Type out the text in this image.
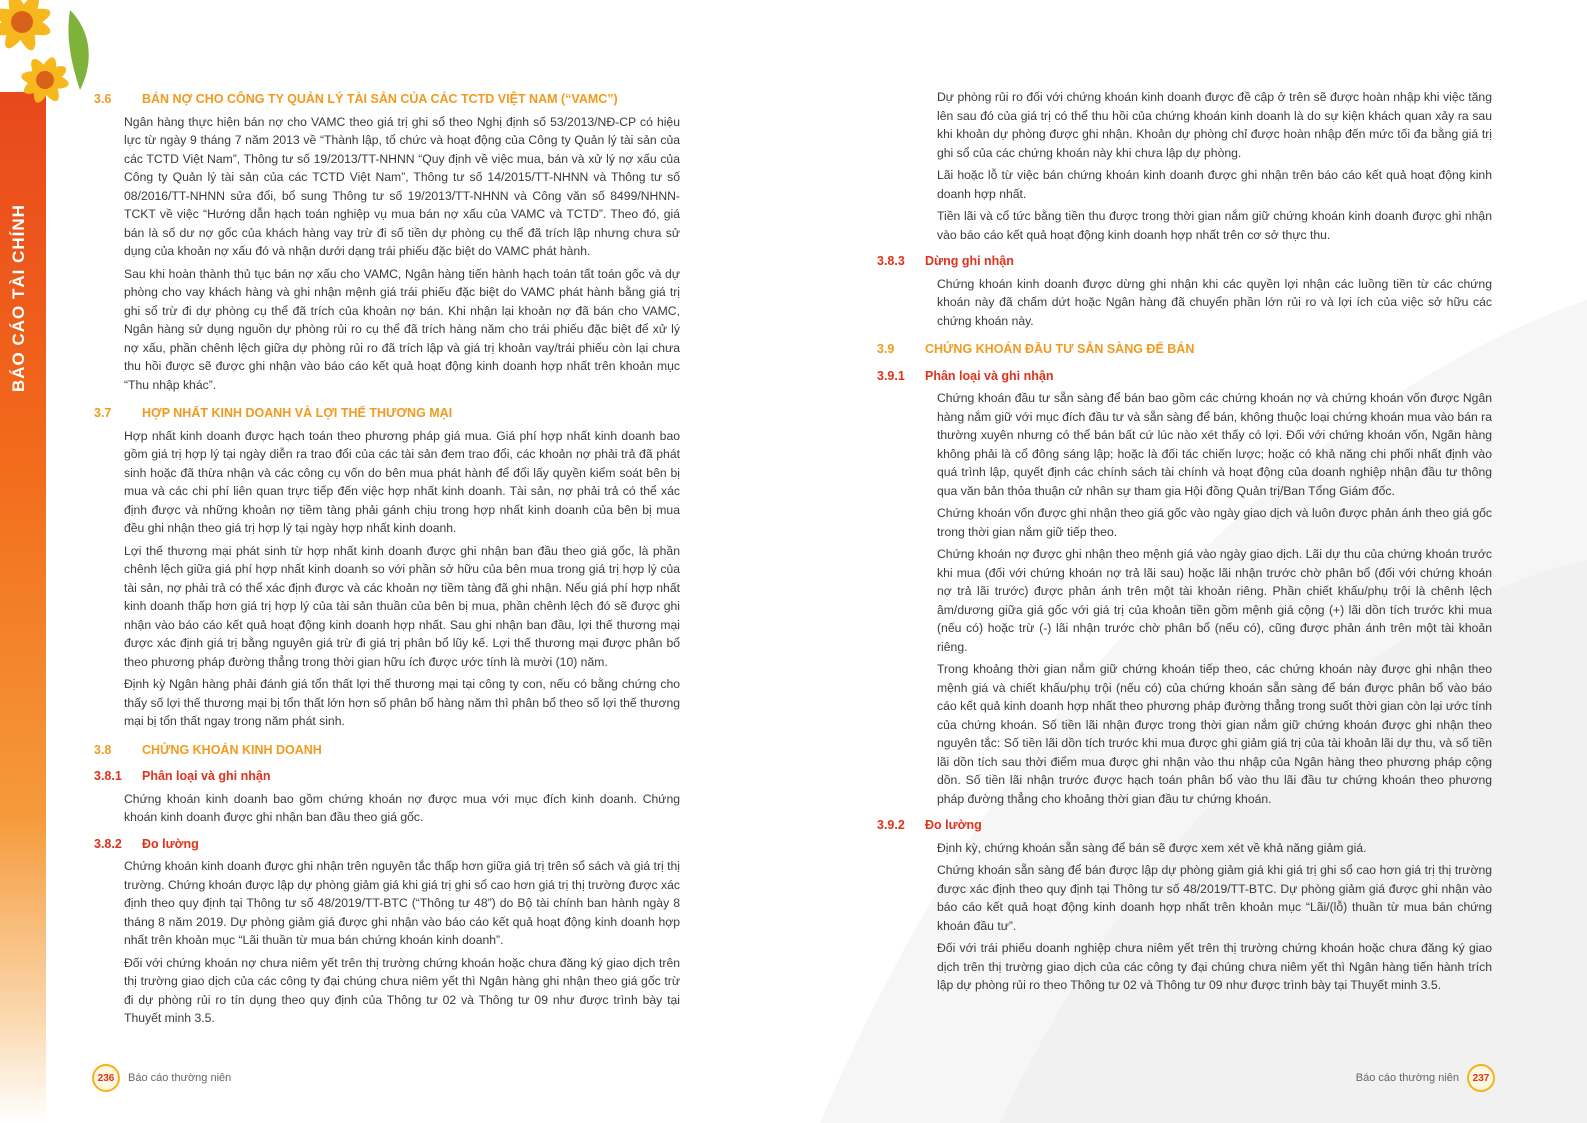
BÁO CÁO TÀI CHÍNH
3.6	BÁN NỢ CHO CÔNG TY QUẢN LÝ TÀI SẢN CỦA CÁC TCTD VIỆT NAM (“VAMC”)

Ngân hàng thực hiện bán nợ cho VAMC theo giá trị ghi sổ theo Nghị định số 53/2013/NĐ-CP có hiệu lực từ ngày 9 tháng 7 năm 2013 về “Thành lập, tổ chức và hoạt động của Công ty Quản lý tài sản của các TCTD Việt Nam”, Thông tư số 19/2013/TT-NHNN “Quy định về việc mua, bán và xử lý nợ xấu của Công ty Quản lý tài sản của các TCTD Việt Nam”, Thông tư số 14/2015/TT-NHNN và Thông tư số 08/2016/TT-NHNN sửa đổi, bổ sung Thông tư số 19/2013/TT-NHNN và Công văn số 8499/NHNN-TCKT về việc “Hướng dẫn hạch toán nghiệp vụ mua bán nợ xấu của VAMC và TCTD”. Theo đó, giá bán là số dư nợ gốc của khách hàng vay trừ đi số tiền dự phòng cụ thể đã trích lập nhưng chưa sử dụng của khoản nợ xấu đó và nhận dưới dạng trái phiếu đặc biệt do VAMC phát hành.

Sau khi hoàn thành thủ tục bán nợ xấu cho VAMC, Ngân hàng tiến hành hạch toán tất toán gốc và dự phòng cho vay khách hàng và ghi nhận mệnh giá trái phiếu đặc biệt do VAMC phát hành bằng giá trị ghi sổ trừ đi dự phòng cụ thể đã trích của khoản nợ bán. Khi nhận lại khoản nợ đã bán cho VAMC, Ngân hàng sử dụng nguồn dự phòng rủi ro cụ thể đã trích hàng năm cho trái phiếu đặc biệt để xử lý nợ xấu, phần chênh lệch giữa dự phòng rủi ro đã trích lập và giá trị khoản vay/trái phiếu còn lại chưa thu hồi được sẽ được ghi nhận vào báo cáo kết quả hoạt động kinh doanh hợp nhất trên khoản mục “Thu nhập khác”.

3.7	HỢP NHẤT KINH DOANH VÀ LỢI THẾ THƯƠNG MẠI

Hợp nhất kinh doanh được hạch toán theo phương pháp giá mua. Giá phí hợp nhất kinh doanh bao gồm giá trị hợp lý tại ngày diễn ra trao đổi của các tài sản đem trao đổi, các khoản nợ phải trả đã phát sinh hoặc đã thừa nhận và các công cụ vốn do bên mua phát hành để đổi lấy quyền kiểm soát bên bị mua và các chi phí liên quan trực tiếp đến việc hợp nhất kinh doanh. Tài sản, nợ phải trả có thể xác định được và những khoản nợ tiềm tàng phải gánh chịu trong hợp nhất kinh doanh của bên bị mua đều ghi nhận theo giá trị hợp lý tại ngày hợp nhất kinh doanh.

Lợi thế thương mại phát sinh từ hợp nhất kinh doanh được ghi nhận ban đầu theo giá gốc, là phần chênh lệch giữa giá phí hợp nhất kinh doanh so với phần sở hữu của bên mua trong giá trị hợp lý của tài sản, nợ phải trả có thể xác định được và các khoản nợ tiềm tàng đã ghi nhận. Nếu giá phí hợp nhất kinh doanh thấp hơn giá trị hợp lý của tài sản thuần của bên bị mua, phần chênh lệch đó sẽ được ghi nhận vào báo cáo kết quả hoạt động kinh doanh hợp nhất. Sau ghi nhận ban đầu, lợi thế thương mại được xác định giá trị bằng nguyên giá trừ đi giá trị phân bổ lũy kế. Lợi thế thương mại được phân bổ theo phương pháp đường thẳng trong thời gian hữu ích được ước tính là mười (10) năm.

Định kỳ Ngân hàng phải đánh giá tổn thất lợi thế thương mại tại công ty con, nếu có bằng chứng cho thấy số lợi thế thương mại bị tổn thất lớn hơn số phân bổ hàng năm thì phân bổ theo số lợi thế thương mại bị tổn thất ngay trong năm phát sinh.

3.8	CHỨNG KHOÁN KINH DOANH
3.8.1	Phân loại và ghi nhận

Chứng khoán kinh doanh bao gồm chứng khoán nợ được mua với mục đích kinh doanh. Chứng khoán kinh doanh được ghi nhận ban đầu theo giá gốc.

3.8.2	Đo lường

Chứng khoán kinh doanh được ghi nhận trên nguyên tắc thấp hơn giữa giá trị trên sổ sách và giá trị thị trường. Chứng khoán được lập dự phòng giảm giá khi giá trị ghi sổ cao hơn giá trị thị trường được xác định theo quy định tại Thông tư số 48/2019/TT-BTC (“Thông tư 48”) do Bộ tài chính ban hành ngày 8 tháng 8 năm 2019. Dự phòng giảm giá được ghi nhận vào báo cáo kết quả hoạt động kinh doanh hợp nhất trên khoản mục “Lãi thuần từ mua bán chứng khoán kinh doanh”.

Đối với chứng khoán nợ chưa niêm yết trên thị trường chứng khoán hoặc chưa đăng ký giao dịch trên thị trường giao dịch của các công ty đại chúng chưa niêm yết thì Ngân hàng ghi nhận theo giá gốc trừ đi dự phòng rủi ro tín dụng theo quy định của Thông tư 02 và Thông tư 09 như được trình bày tại Thuyết minh 3.5.

Dự phòng rủi ro đối với chứng khoán kinh doanh được đề cập ở trên sẽ được hoàn nhập khi việc tăng lên sau đó của giá trị có thể thu hồi của chứng khoán kinh doanh là do sự kiện khách quan xảy ra sau khi khoản dự phòng được ghi nhận. Khoản dự phòng chỉ được hoàn nhập đến mức tối đa bằng giá trị ghi sổ của các chứng khoán này khi chưa lập dự phòng.

Lãi hoặc lỗ từ việc bán chứng khoán kinh doanh được ghi nhận trên báo cáo kết quả hoạt động kinh doanh hợp nhất.

Tiền lãi và cổ tức bằng tiền thu được trong thời gian nắm giữ chứng khoán kinh doanh được ghi nhận vào báo cáo kết quả hoạt động kinh doanh hợp nhất trên cơ sở thực thu.

3.8.3	Dừng ghi nhận

Chứng khoán kinh doanh được dừng ghi nhận khi các quyền lợi nhận các luồng tiền từ các chứng khoán này đã chấm dứt hoặc Ngân hàng đã chuyển phần lớn rủi ro và lợi ích của việc sở hữu các chứng khoán này.

3.9	CHỨNG KHOÁN ĐẦU TƯ SẴN SÀNG ĐỂ BÁN
3.9.1	Phân loại và ghi nhận

Chứng khoán đầu tư sẵn sàng để bán bao gồm các chứng khoán nợ và chứng khoán vốn được Ngân hàng nắm giữ với mục đích đầu tư và sẵn sàng để bán, không thuộc loại chứng khoán mua vào bán ra thường xuyên nhưng có thể bán bất cứ lúc nào xét thấy có lợi. Đối với chứng khoán vốn, Ngân hàng không phải là cổ đông sáng lập; hoặc là đối tác chiến lược; hoặc có khả năng chi phối nhất định vào quá trình lập, quyết định các chính sách tài chính và hoạt động của doanh nghiệp nhận đầu tư thông qua văn bản thỏa thuận cử nhân sự tham gia Hội đồng Quản trị/Ban Tổng Giám đốc.

Chứng khoán vốn được ghi nhận theo giá gốc vào ngày giao dịch và luôn được phản ánh theo giá gốc trong thời gian nắm giữ tiếp theo.

Chứng khoán nợ được ghi nhận theo mệnh giá vào ngày giao dịch. Lãi dự thu của chứng khoán trước khi mua (đối với chứng khoán nợ trả lãi sau) hoặc lãi nhận trước chờ phân bổ (đối với chứng khoán nợ trả lãi trước) được phản ánh trên một tài khoản riêng. Phần chiết khấu/phụ trội là chênh lệch âm/dương giữa giá gốc với giá trị của khoản tiền gồm mệnh giá cộng (+) lãi dồn tích trước khi mua (nếu có) hoặc trừ (-) lãi nhận trước chờ phân bổ (nếu có), cũng được phản ánh trên một tài khoản riêng.

Trong khoảng thời gian nắm giữ chứng khoán tiếp theo, các chứng khoán này được ghi nhận theo mệnh giá và chiết khấu/phụ trội (nếu có) của chứng khoán sẵn sàng để bán được phân bổ vào báo cáo kết quả kinh doanh hợp nhất theo phương pháp đường thẳng trong suốt thời gian còn lại ước tính của chứng khoán. Số tiền lãi nhận được trong thời gian nắm giữ chứng khoán được ghi nhận theo nguyên tắc: Số tiền lãi dồn tích trước khi mua được ghi giảm giá trị của tài khoản lãi dự thu, và số tiền lãi dồn tích sau thời điểm mua được ghi nhận vào thu nhập của Ngân hàng theo phương pháp cộng dồn. Số tiền lãi nhận trước được hạch toán phân bổ vào thu lãi đầu tư chứng khoán theo phương pháp đường thẳng cho khoảng thời gian đầu tư chứng khoán.

3.9.2	Đo lường

Định kỳ, chứng khoán sẵn sàng để bán sẽ được xem xét về khả năng giảm giá.

Chứng khoán sẵn sàng để bán được lập dự phòng giảm giá khi giá trị ghi sổ cao hơn giá trị thị trường được xác định theo quy định tại Thông tư số 48/2019/TT-BTC. Dự phòng giảm giá được ghi nhận vào báo cáo kết quả hoạt động kinh doanh hợp nhất trên khoản mục “Lãi/(lỗ) thuần từ mua bán chứng khoán đầu tư”.

Đối với trái phiếu doanh nghiệp chưa niêm yết trên thị trường chứng khoán hoặc chưa đăng ký giao dịch trên thị trường giao dịch của các công ty đại chúng chưa niêm yết thì Ngân hàng tiến hành trích lập dự phòng rủi ro theo Thông tư 02 và Thông tư 09 như được trình bày tại Thuyết minh 3.5.

236	Báo cáo thường niên	Báo cáo thường niên	237
